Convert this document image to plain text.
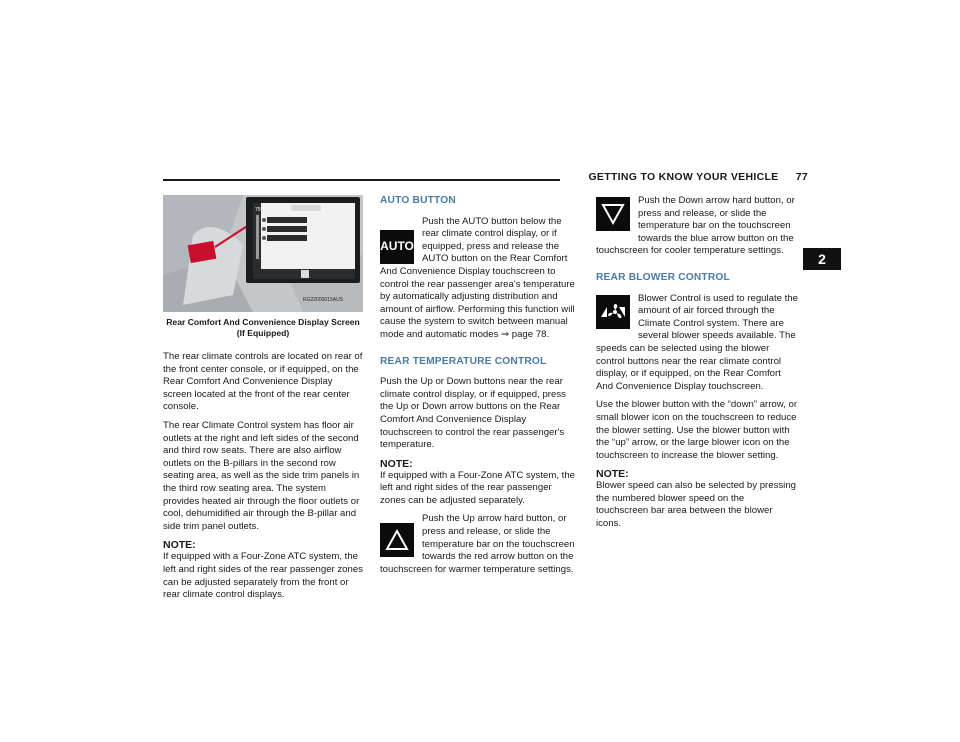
GETTING TO KNOW YOUR VEHICLE 77
2
75°
RG22000015AUS
Rear Comfort And Convenience Display Screen
(If Equipped)

The rear climate controls are located on rear of the front center console, or if equipped, on the Rear Comfort And Convenience Display screen located at the front of the rear center console.

The rear Climate Control system has floor air outlets at the right and left sides of the second and third row seats. There are also airflow outlets on the B-pillars in the second row seating area, as well as the side trim panels in the third row seating area. The system provides heated air through the floor outlets or cool, dehumidified air through the B-pillar and side trim panel outlets.

NOTE:

If equipped with a Four-Zone ATC system, the left and right sides of the rear passenger zones can be adjusted separately from the front or rear climate control displays.

AUTO BUTTON
AUTO

Push the AUTO button below the rear climate control display, or if equipped, press and release the AUTO button on the Rear Comfort And Convenience Display touchscreen to control the rear passenger area's temperature by automatically adjusting distribution and amount of airflow. Performing this function will cause the system to switch between manual mode and automatic modes ⇒ page 78.

REAR TEMPERATURE CONTROL

Push the Up or Down buttons near the rear climate control display, or if equipped, press the Up or Down arrow buttons on the Rear Comfort And Convenience Display touchscreen to control the rear passenger's temperature.

NOTE:

If equipped with a Four-Zone ATC system, the left and right sides of the rear passenger zones can be adjusted separately.

Push the Up arrow hard button, or press and release, or slide the temperature bar on the touchscreen towards the red arrow button on the touchscreen for warmer temperature settings.

Push the Down arrow hard button, or press and release, or slide the temperature bar on the touchscreen towards the blue arrow button on the touchscreen for cooler temperature settings.

REAR BLOWER CONTROL

Blower Control is used to regulate the amount of air forced through the Climate Control system. There are several blower speeds available. The speeds can be selected using the blower control buttons near the rear climate control display, or if equipped, on the Rear Comfort And Convenience Display touchscreen.

Use the blower button with the “down” arrow, or small blower icon on the touchscreen to reduce the blower setting. Use the blower button with the “up” arrow, or the large blower icon on the touchscreen to increase the blower setting.

NOTE:

Blower speed can also be selected by pressing the numbered blower speed on the touchscreen bar area between the blower icons.
